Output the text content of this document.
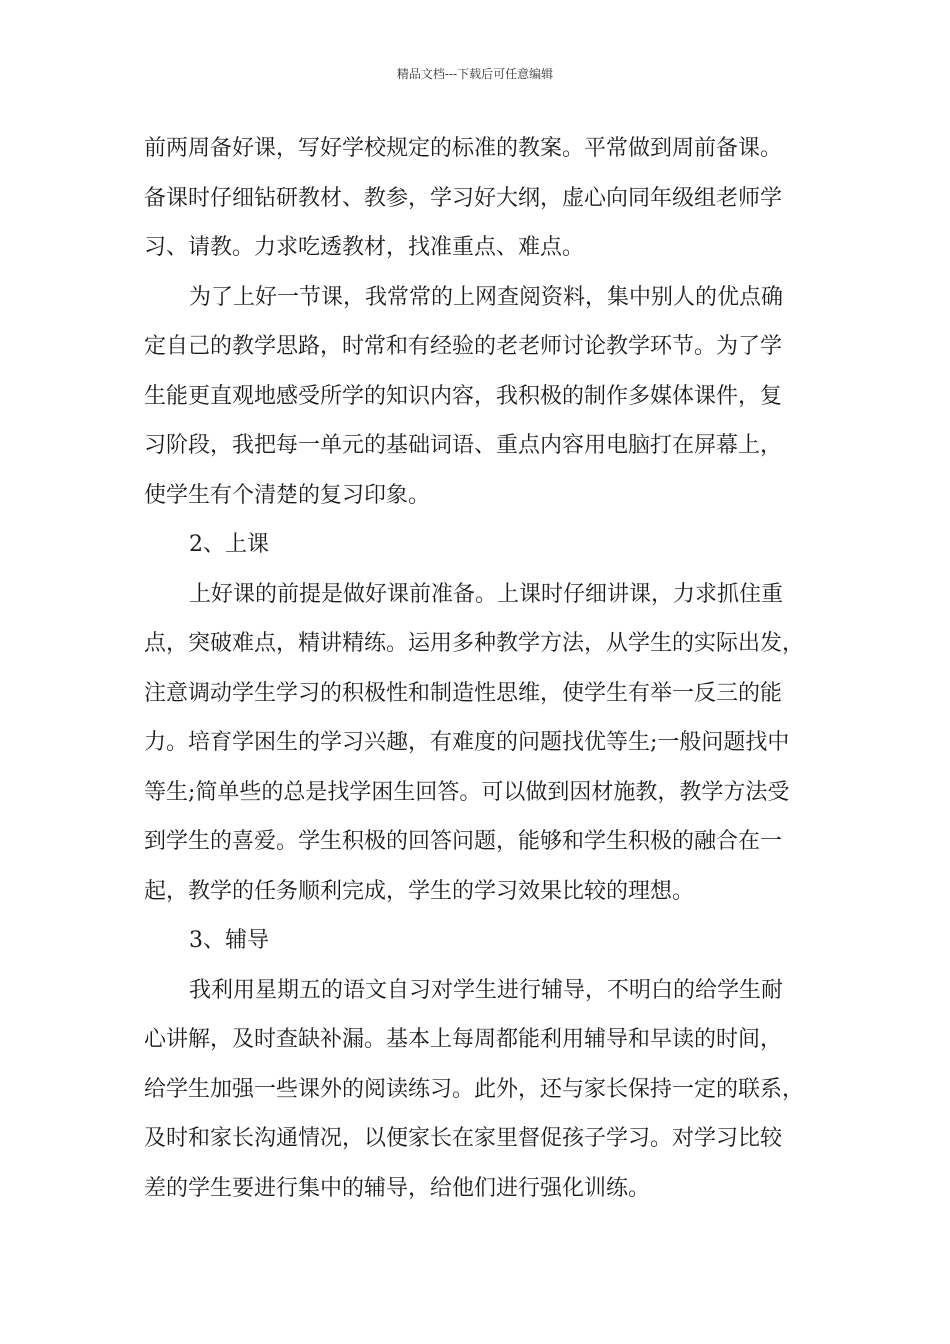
精品文档---下载后可任意编辑
前两周备好课，写好学校规定的标准的教案。平常做到周前备课。
备课时仔细钻研教材、教参，学习好大纲，虚心向同年级组老师学
习、请教。力求吃透教材，找准重点、难点。
为了上好一节课，我常常的上网查阅资料，集中别人的优点确
定自己的教学思路，时常和有经验的老老师讨论教学环节。为了学
生能更直观地感受所学的知识内容，我积极的制作多媒体课件，复
习阶段，我把每一单元的基础词语、重点内容用电脑打在屏幕上，
使学生有个清楚的复习印象。
2、上课
上好课的前提是做好课前准备。上课时仔细讲课，力求抓住重
点，突破难点，精讲精练。运用多种教学方法，从学生的实际出发，
注意调动学生学习的积极性和制造性思维，使学生有举一反三的能
力。培育学困生的学习兴趣，有难度的问题找优等生;一般问题找中
等生;简单些的总是找学困生回答。可以做到因材施教，教学方法受
到学生的喜爱。学生积极的回答问题，能够和学生积极的融合在一
起，教学的任务顺利完成，学生的学习效果比较的理想。
3、辅导
我利用星期五的语文自习对学生进行辅导，不明白的给学生耐
心讲解，及时查缺补漏。基本上每周都能利用辅导和早读的时间，
给学生加强一些课外的阅读练习。此外，还与家长保持一定的联系，
及时和家长沟通情况，以便家长在家里督促孩子学习。对学习比较
差的学生要进行集中的辅导，给他们进行强化训练。
